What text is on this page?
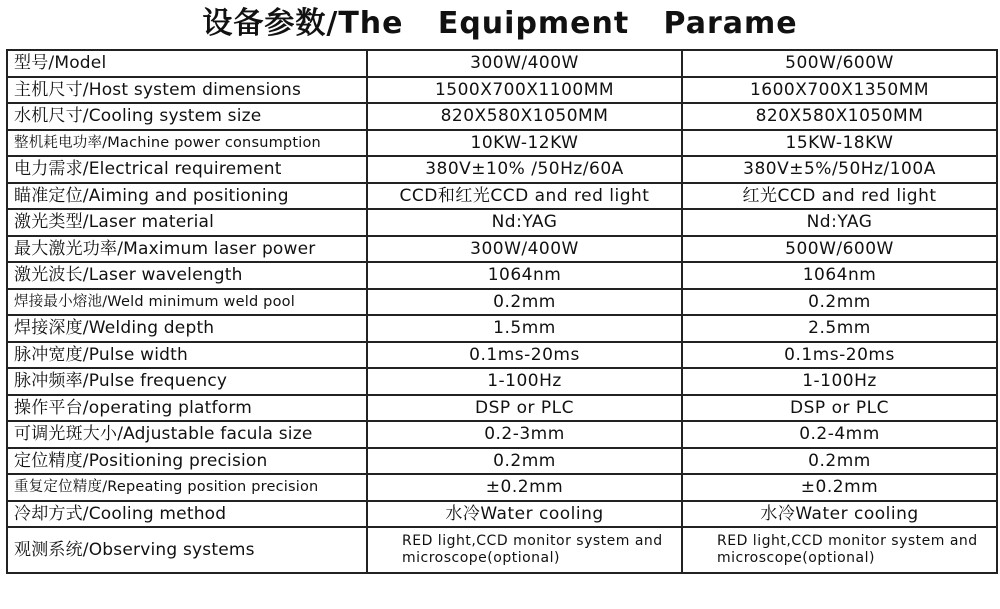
设备参数/The   Equipment   Parame
型号/Model	300W/400W	500W/600W
主机尺寸/Host system dimensions	1500X700X1100MM	1600X700X1350MM
水机尺寸/Cooling system size	820X580X1050MM	820X580X1050MM
整机耗电功率/Machine power consumption	10KW-12KW	15KW-18KW
电力需求/Electrical requirement	380V±10% /50Hz/60A	380V±5%/50Hz/100A
瞄准定位/Aiming and positioning	CCD和红光CCD and red light	红光CCD and red light
激光类型/Laser material	Nd:YAG	Nd:YAG
最大激光功率/Maximum laser power	300W/400W	500W/600W
激光波长/Laser wavelength	1064nm	1064nm
焊接最小熔池/Weld minimum weld pool	0.2mm	0.2mm
焊接深度/Welding depth	1.5mm	2.5mm
脉冲宽度/Pulse width	0.1ms-20ms	0.1ms-20ms
脉冲频率/Pulse frequency	1-100Hz	1-100Hz
操作平台/operating platform	DSP or PLC	DSP or PLC
可调光斑大小/Adjustable facula size	0.2-3mm	0.2-4mm
定位精度/Positioning precision	0.2mm	0.2mm
重复定位精度/Repeating position precision	±0.2mm	±0.2mm
冷却方式/Cooling method	水冷Water cooling	水冷Water cooling
观测系统/Observing systems	RED light,CCD monitor system and microscope(optional)	RED light,CCD monitor system and microscope(optional)
